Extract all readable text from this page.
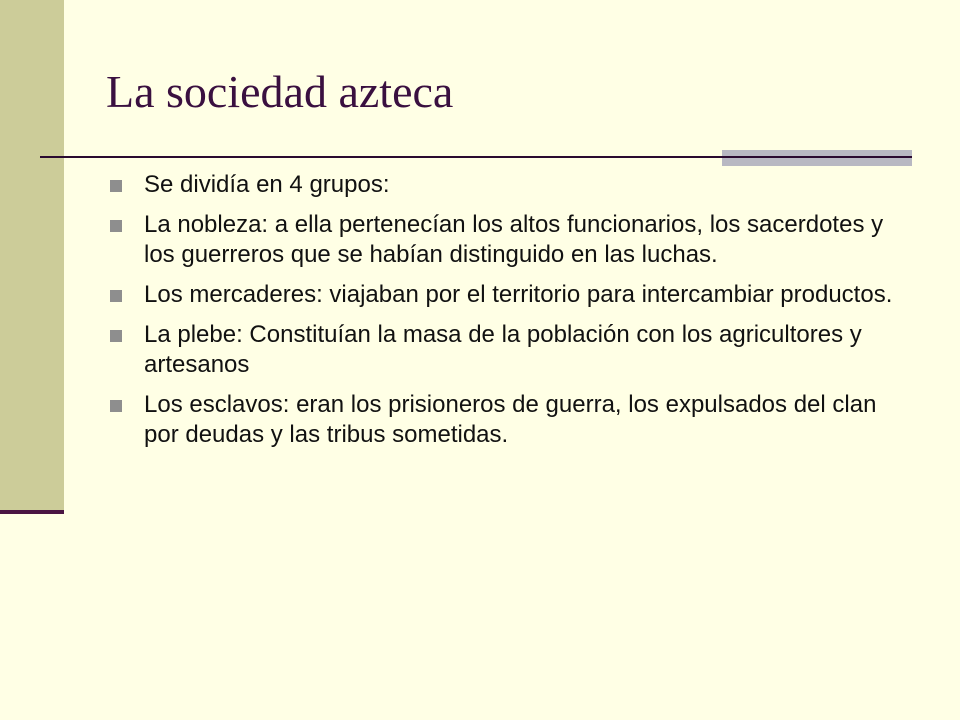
La sociedad azteca
Se dividía en 4 grupos:
La nobleza: a ella pertenecían los altos funcionarios, los sacerdotes y los guerreros que se habían distinguido en las luchas.
Los mercaderes: viajaban por el territorio para intercambiar productos.
La plebe: Constituían la masa de la población con los agricultores y artesanos
Los esclavos: eran los prisioneros de guerra, los expulsados del clan por deudas y las tribus sometidas.
